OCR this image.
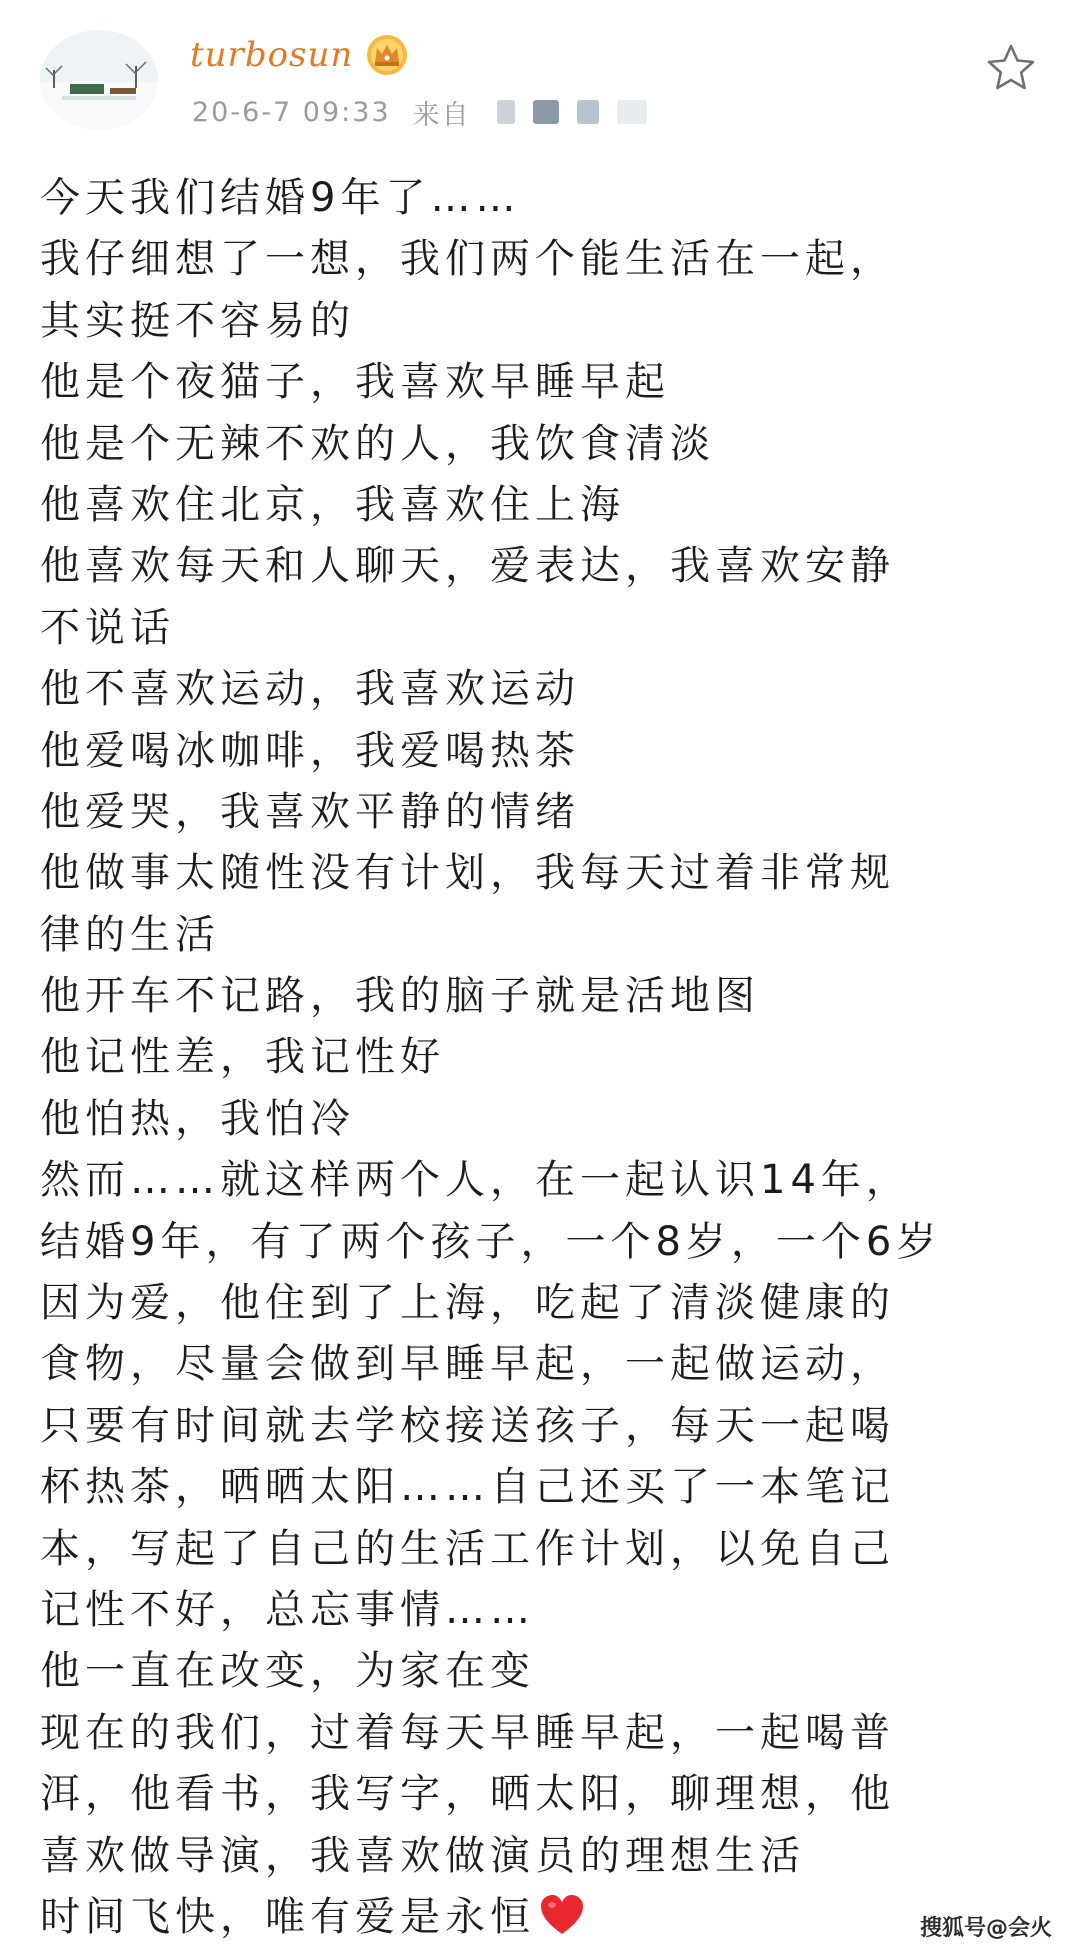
turbosun
20-6-7 09:33 来自
今天我们结婚9年了……
我仔细想了一想，我们两个能生活在一起，
其实挺不容易的
他是个夜猫子，我喜欢早睡早起
他是个无辣不欢的人，我饮食清淡
他喜欢住北京，我喜欢住上海
他喜欢每天和人聊天，爱表达，我喜欢安静
不说话
他不喜欢运动，我喜欢运动
他爱喝冰咖啡，我爱喝热茶
他爱哭，我喜欢平静的情绪
他做事太随性没有计划，我每天过着非常规
律的生活
他开车不记路，我的脑子就是活地图
他记性差，我记性好
他怕热，我怕冷
然而……就这样两个人，在一起认识14年，
结婚9年，有了两个孩子，一个8岁，一个6岁
因为爱，他住到了上海，吃起了清淡健康的
食物，尽量会做到早睡早起，一起做运动，
只要有时间就去学校接送孩子，每天一起喝
杯热茶，晒晒太阳……自己还买了一本笔记
本，写起了自己的生活工作计划，以免自己
记性不好，总忘事情……
他一直在改变，为家在变
现在的我们，过着每天早睡早起，一起喝普
洱，他看书，我写字，晒太阳，聊理想，他
喜欢做导演，我喜欢做演员的理想生活
时间飞快，唯有爱是永恒	搜狐号@会火
